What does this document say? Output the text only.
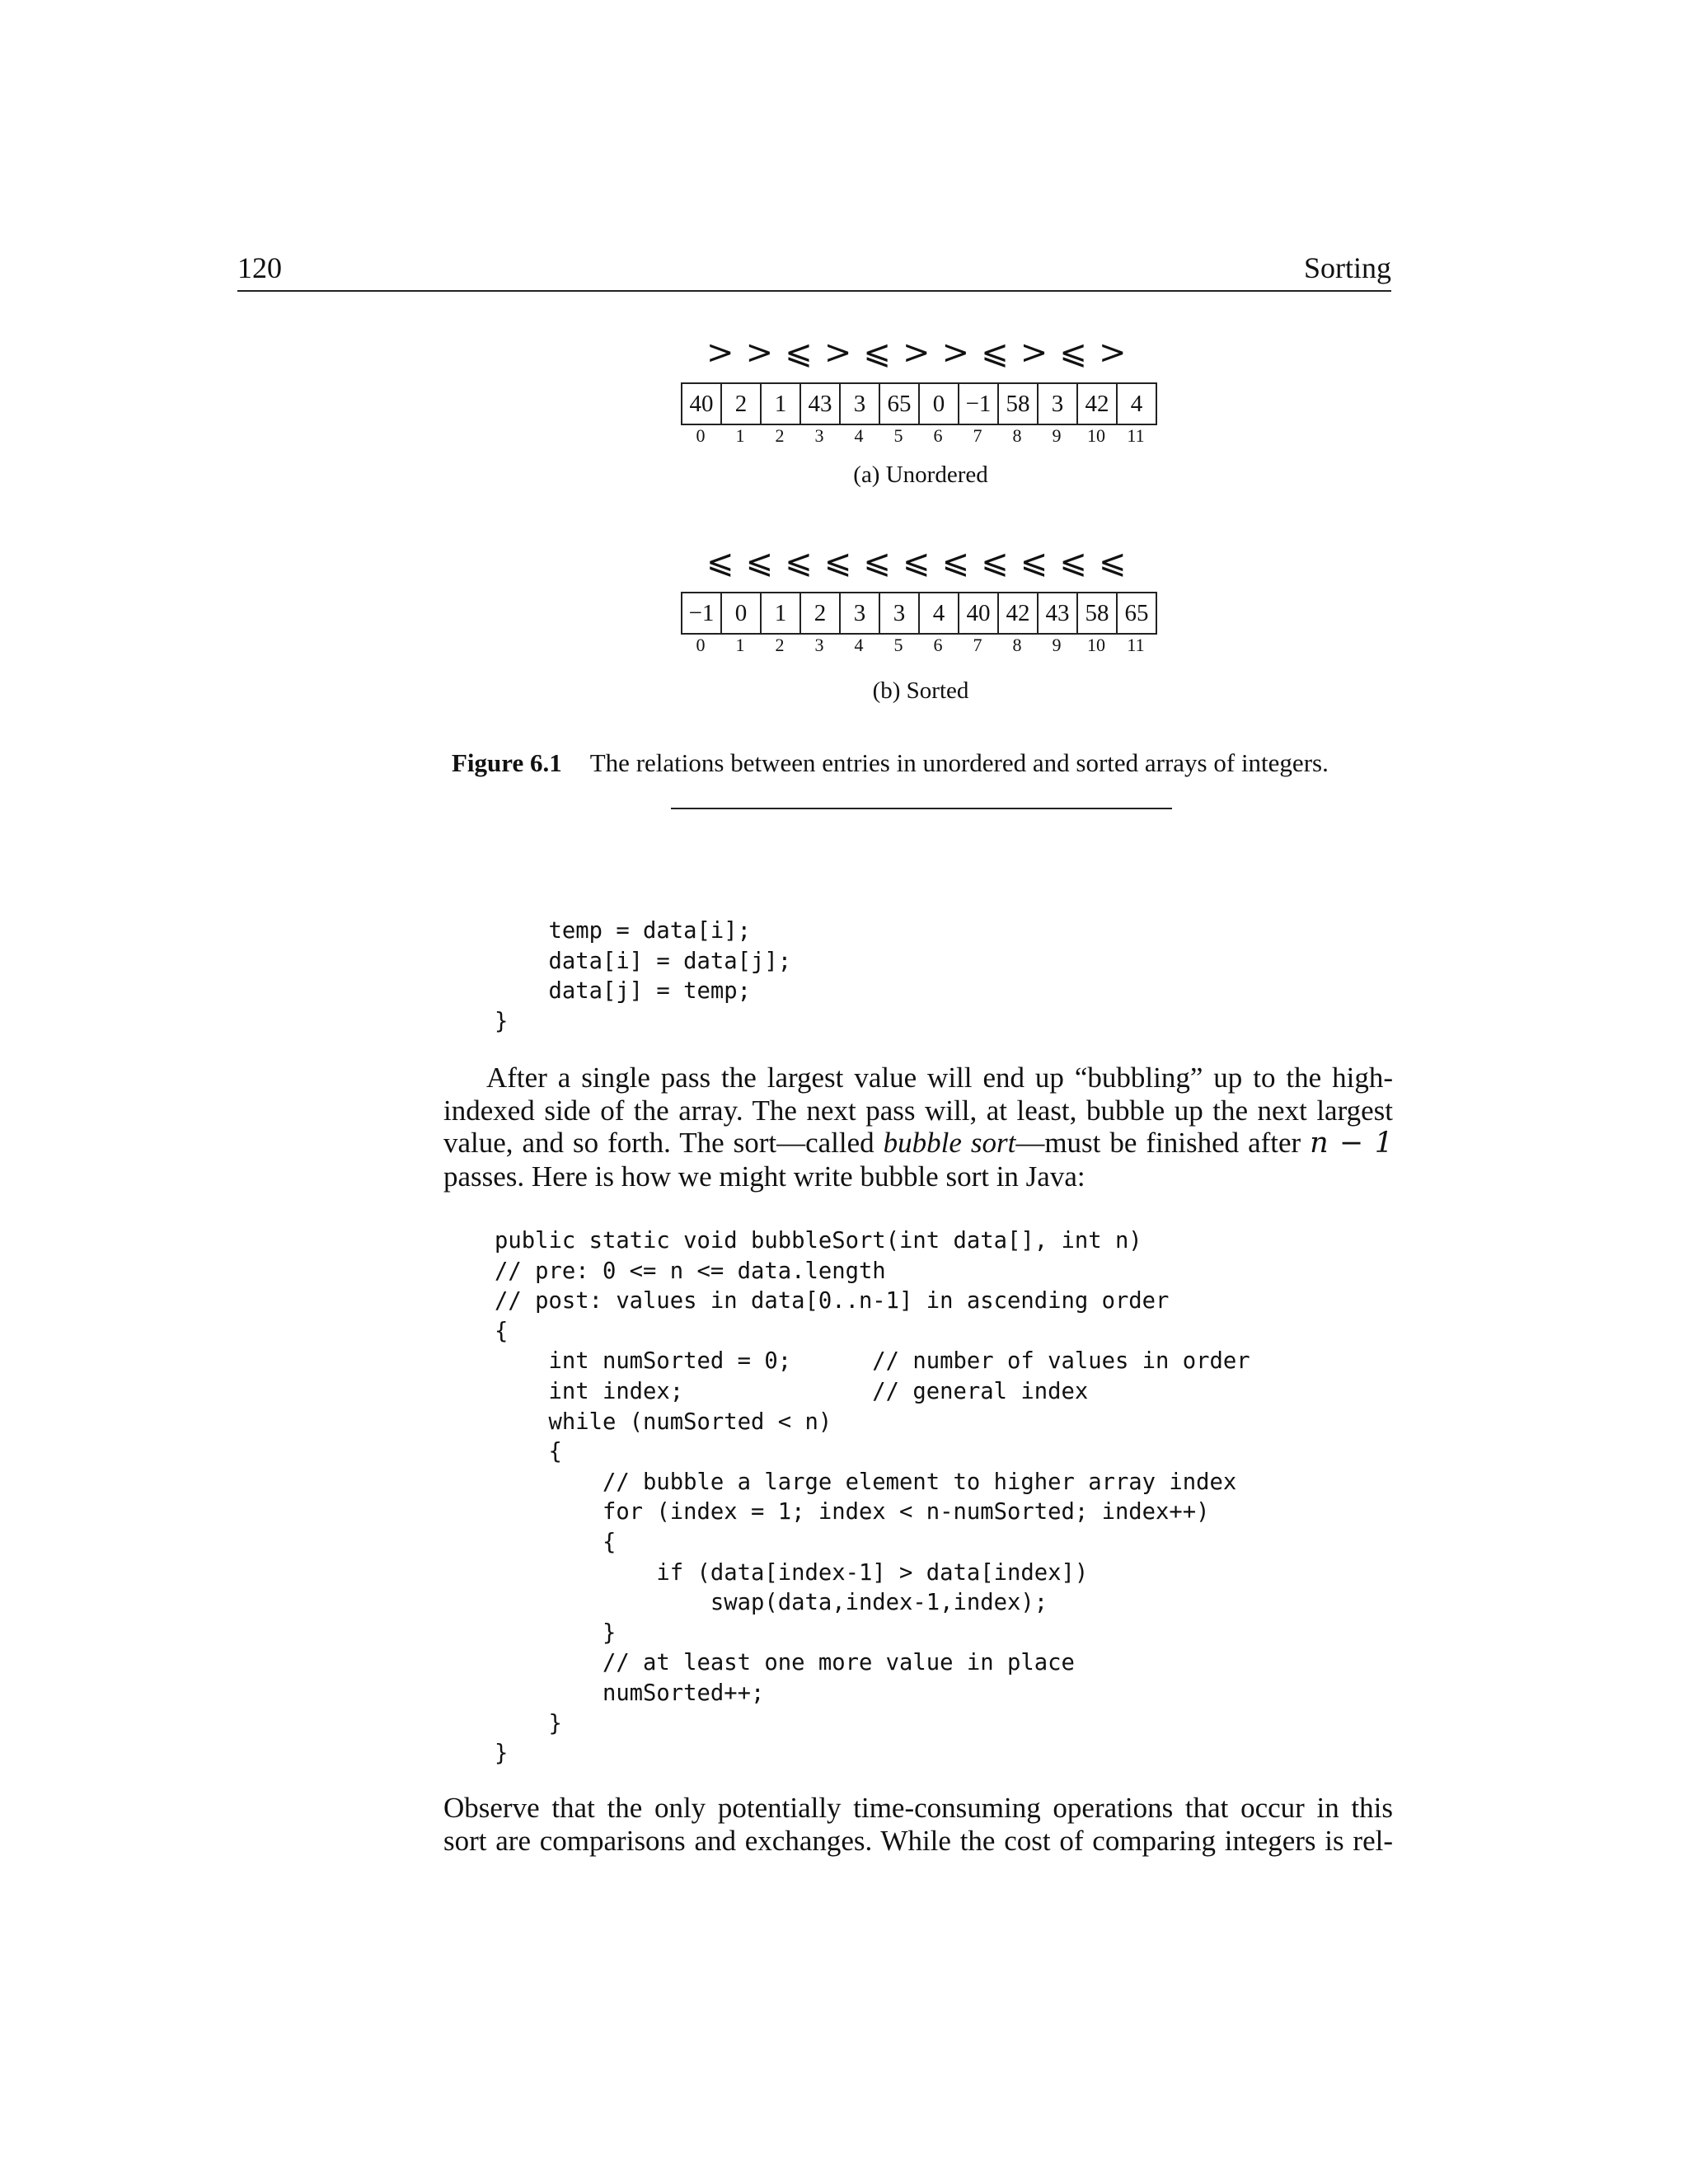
120	Sorting
> > ⩽ > ⩽ > > ⩽ > ⩽ >
40 2	1 43 3 65 0 −1 58 3 42 4
0	1	2	3	4	5	6	7	8	9	10	11
(a) Unordered
⩽ ⩽ ⩽ ⩽ ⩽ ⩽ ⩽ ⩽ ⩽ ⩽ ⩽
−1 0	1	2	3	3	4 40 42 43 58 65
0	1	2	3	4	5	6	7	8	9	10	11
(b) Sorted
Figure 6.1 The relations between entries in unordered and sorted arrays of integers.
temp = data[i];
data[i] = data[j];
data[j] = temp;
}
After a single pass the largest value will end up “bubbling” up to the high-
indexed side of the array. The next pass will, at least, bubble up the next largest
value, and so forth. The sort—called bubble sort—must be finished after n − 1
passes. Here is how we might write bubble sort in Java:
public static void bubbleSort(int data[], int n)
// pre: 0 <= n <= data.length
// post: values in data[0..n-1] in ascending order
{
int numSorted = 0;      // number of values in order
int index;              // general index
while (numSorted < n)
{
// bubble a large element to higher array index
for (index = 1; index < n-numSorted; index++)
{
if (data[index-1] > data[index])
swap(data,index-1,index);
}
// at least one more value in place
numSorted++;
}
}
Observe that the only potentially time-consuming operations that occur in this
sort are comparisons and exchanges. While the cost of comparing integers is rel-
